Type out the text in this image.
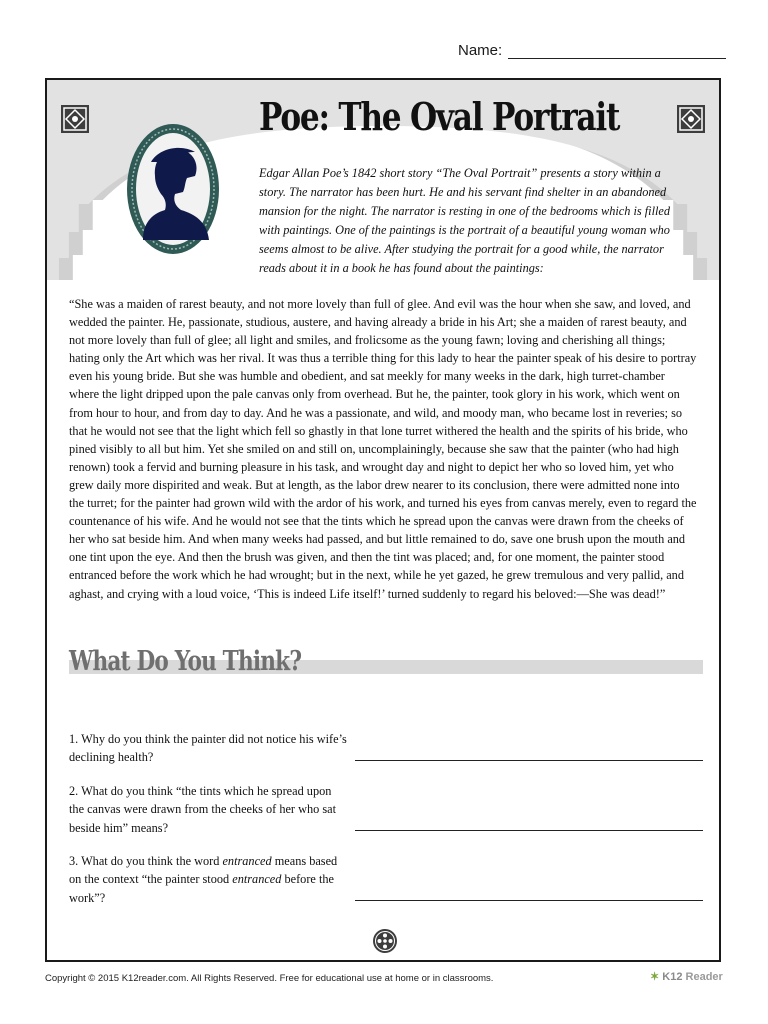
Name:
Poe: The Oval Portrait
Edgar Allan Poe’s 1842 short story “The Oval Portrait” presents a story within a story. The narrator has been hurt. He and his servant find shelter in an abandoned mansion for the night. The narrator is resting in one of the bedrooms which is filled with paintings. One of the paintings is the portrait of a beautiful young woman who seems almost to be alive. After studying the portrait for a good while, the narrator reads about it in a book he has found about the paintings:
“She was a maiden of rarest beauty, and not more lovely than full of glee. And evil was the hour when she saw, and loved, and wedded the painter. He, passionate, studious, austere, and having already a bride in his Art; she a maiden of rarest beauty, and not more lovely than full of glee; all light and smiles, and frolicsome as the young fawn; loving and cherishing all things; hating only the Art which was her rival. It was thus a terrible thing for this lady to hear the painter speak of his desire to portray even his young bride. But she was humble and obedient, and sat meekly for many weeks in the dark, high turret-chamber where the light dripped upon the pale canvas only from overhead. But he, the painter, took glory in his work, which went on from hour to hour, and from day to day. And he was a passionate, and wild, and moody man, who became lost in reveries; so that he would not see that the light which fell so ghastly in that lone turret withered the health and the spirits of his bride, who pined visibly to all but him. Yet she smiled on and still on, uncomplainingly, because she saw that the painter (who had high renown) took a fervid and burning pleasure in his task, and wrought day and night to depict her who so loved him, yet who grew daily more dispirited and weak. But at length, as the labor drew nearer to its conclusion, there were admitted none into the turret; for the painter had grown wild with the ardor of his work, and turned his eyes from canvas merely, even to regard the countenance of his wife. And he would not see that the tints which he spread upon the canvas were drawn from the cheeks of her who sat beside him. And when many weeks had passed, and but little remained to do, save one brush upon the mouth and one tint upon the eye. And then the brush was given, and then the tint was placed; and, for one moment, the painter stood entranced before the work which he had wrought; but in the next, while he yet gazed, he grew tremulous and very pallid, and aghast, and crying with a loud voice, ‘This is indeed Life itself!’ turned suddenly to regard his beloved:—She was dead!”
What Do You Think?
1. Why do you think the painter did not notice his wife’s declining health?
2. What do you think “the tints which he spread upon the canvas were drawn from the cheeks of her who sat beside him” means?
3. What do you think the word entranced means based on the context “the painter stood entranced before the work”?
Copyright © 2015 K12reader.com. All Rights Reserved. Free for educational use at home or in classrooms.	✶ K12 Reader
